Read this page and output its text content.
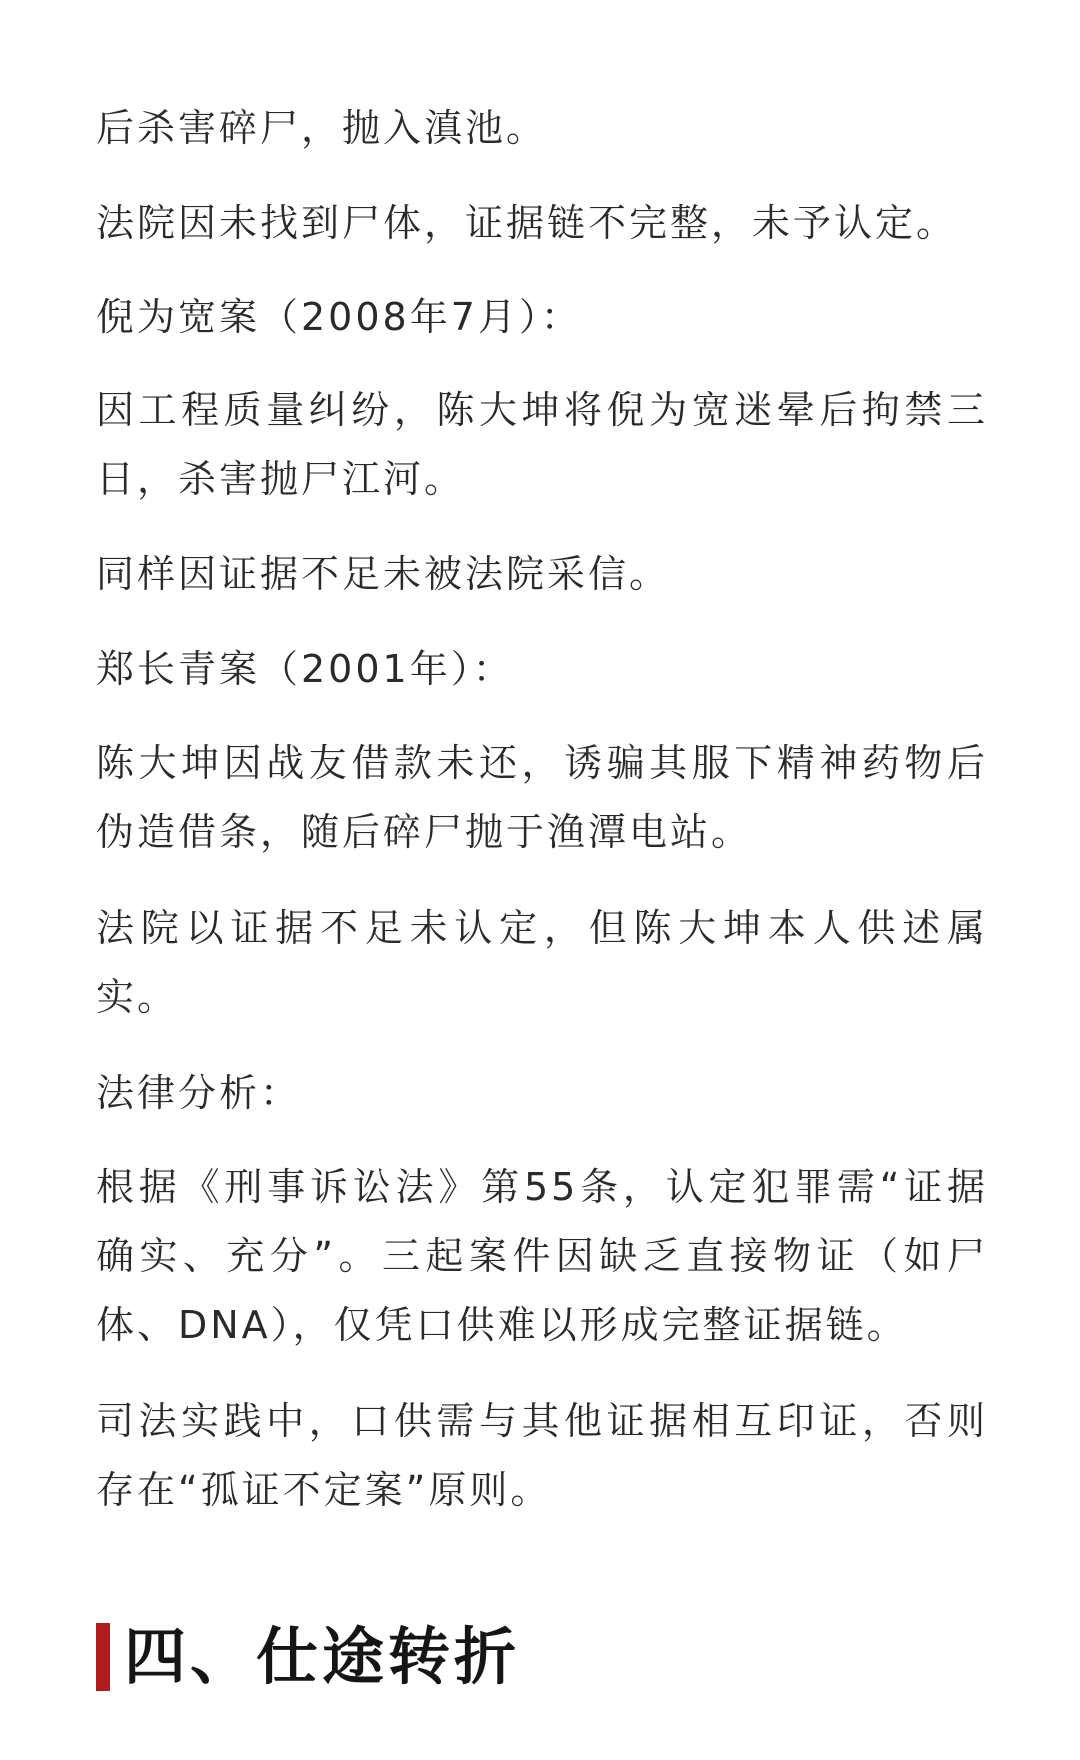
后杀害碎尸，抛入滇池。

法院因未找到尸体，证据链不完整，未予认定。

倪为宽案（2008年7月）：

因工程质量纠纷，陈大坤将倪为宽迷晕后拘禁三日，杀害抛尸江河。

同样因证据不足未被法院采信。

郑长青案（2001年）：

陈大坤因战友借款未还，诱骗其服下精神药物后伪造借条，随后碎尸抛于渔潭电站。

法院以证据不足未认定，但陈大坤本人供述属实。

法律分析：

根据《刑事诉讼法》第55条，认定犯罪需“证据确实、充分”。三起案件因缺乏直接物证（如尸体、DNA），仅凭口供难以形成完整证据链。

司法实践中，口供需与其他证据相互印证，否则存在“孤证不定案”原则。

四、仕途转折
